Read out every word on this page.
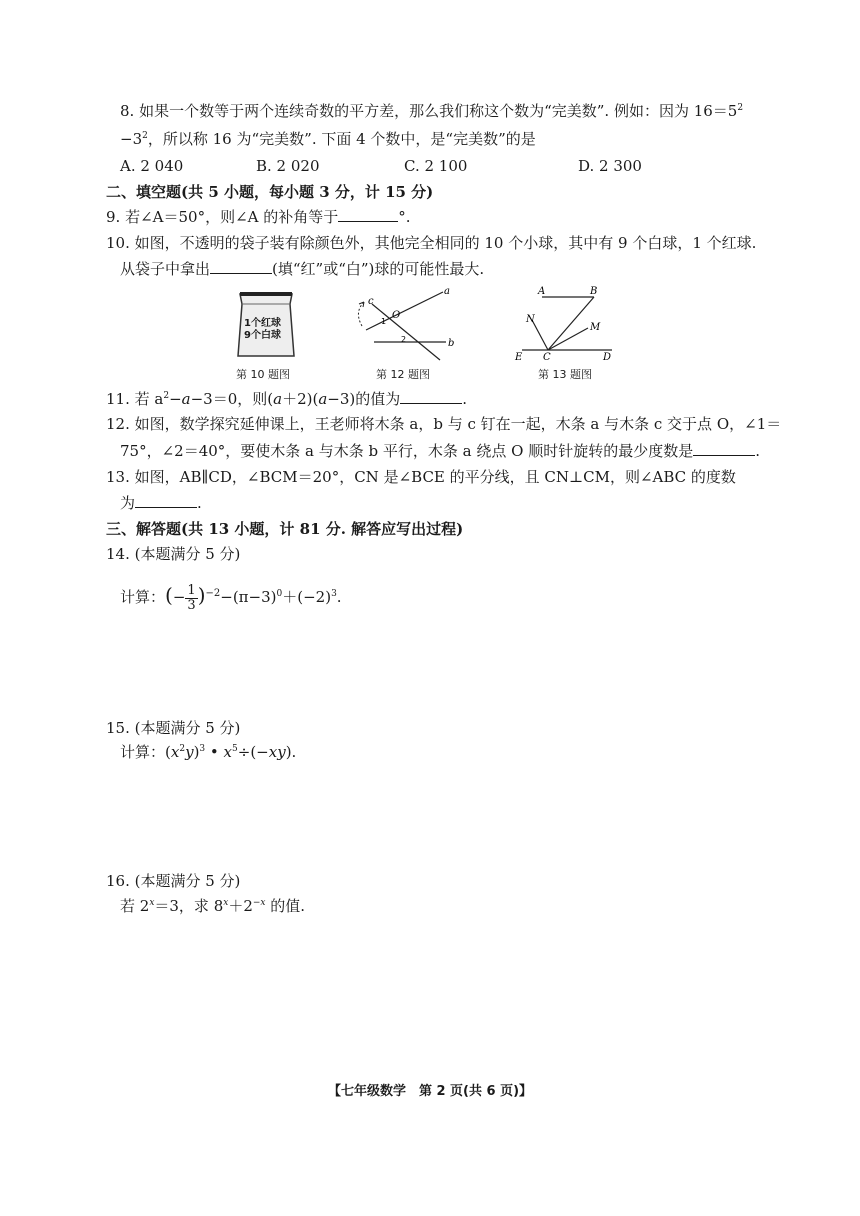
8. 如果一个数等于两个连续奇数的平方差，那么我们称这个数为“完美数”. 例如：因为 $16=5^2$
$-3^2$，所以称 16 为“完美数”. 下面 4 个数中，是“完美数”的是
A. 2 040	B. 2 020	C. 2 100	D. 2 300
二、填空题(共 5 小题，每小题 3 分，计 15 分)
9. 若∠A＝50°，则∠A 的补角等于	°.
10. 如图，不透明的袋子装有除颜色外，其他完全相同的 10 个小球，其中有 9 个白球，1 个红球.
从袋子中拿出	(填“红”或“白”)球的可能性最大.
1个红球
9个白球
第 10 题图
a
b
c
O
1
2
第 12 题图
A	B
N
M
E C	D
第 13 题图
11. 若 $a^2-a-3=0$，则(a＋2)(a−3)的值为	.
12. 如图，数学探究延伸课上，王老师将木条 a，b 与 c 钉在一起，木条 a 与木条 c 交于点 O，∠1＝
75°，∠2＝40°，要使木条 a 与木条 b 平行，木条 a 绕点 O 顺时针旋转的最少度数是	.
13. 如图，AB∥CD，∠BCM＝20°，CN 是∠BCE 的平分线，且 CN⊥CM，则∠ABC 的度数
为	.
三、解答题(共 13 小题，计 81 分. 解答应写出过程)
14. (本题满分 5 分)
计算：(− $\frac{1}{3})^{-2}-(\pi-3)^0+(-2)^3$.
15. (本题满分 5 分)
计算：$(x^2y)^3$ • $x^5\div(-xy)$.
16. (本题满分 5 分)
若 $2^x=3$，求 $8^x+2^{-x}$ 的值.
【七年级数学　第 2 页(共 6 页)】
